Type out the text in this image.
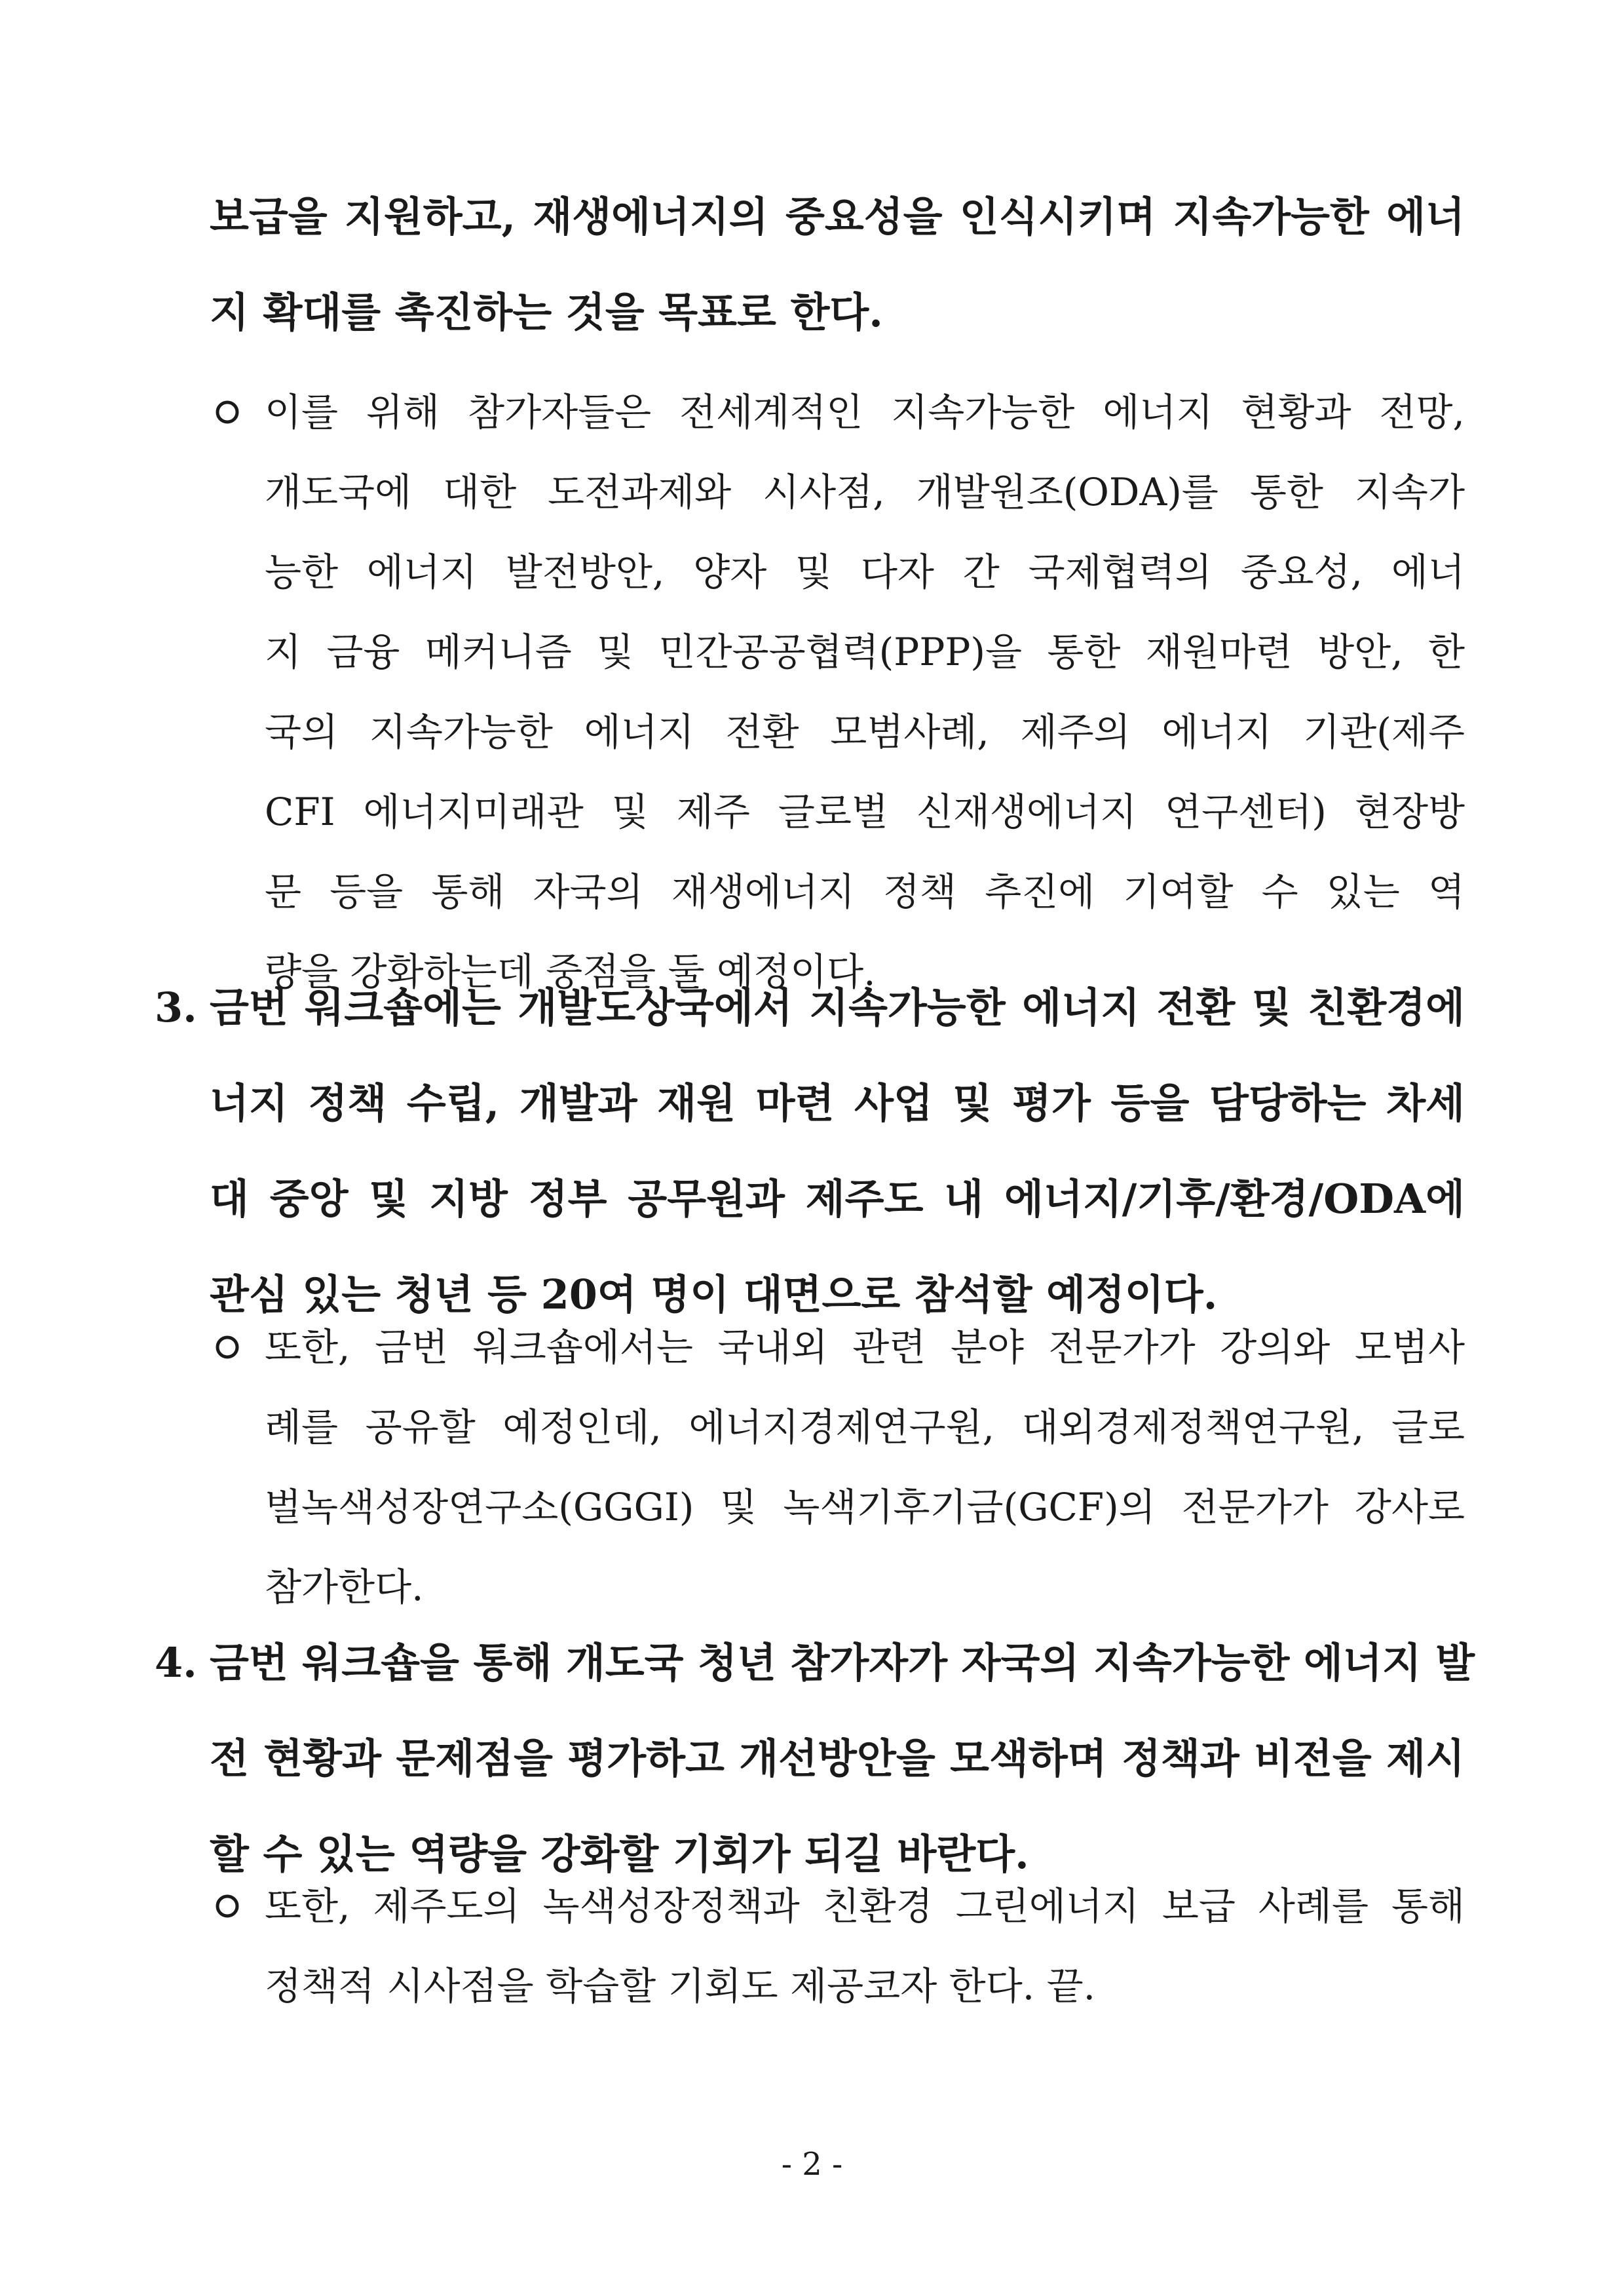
보급을 지원하고, 재생에너지의 중요성을 인식시키며 지속가능한 에너
지 확대를 촉진하는 것을 목표로 한다.
이를 위해 참가자들은 전세계적인 지속가능한 에너지 현황과 전망,
개도국에 대한 도전과제와 시사점, 개발원조(ODA)를 통한 지속가
능한 에너지 발전방안, 양자 및 다자 간 국제협력의 중요성, 에너
지 금융 메커니즘 및 민간공공협력(PPP)을 통한 재원마련 방안, 한
국의 지속가능한 에너지 전환 모범사례, 제주의 에너지 기관(제주
CFI 에너지미래관 및 제주 글로벌 신재생에너지 연구센터) 현장방
문 등을 통해 자국의 재생에너지 정책 추진에 기여할 수 있는 역
량을 강화하는데 중점을 둘 예정이다.
3. 금번 워크숍에는 개발도상국에서 지속가능한 에너지 전환 및 친환경에
너지 정책 수립, 개발과 재원 마련 사업 및 평가 등을 담당하는 차세
대 중앙 및 지방 정부 공무원과 제주도 내 에너지/기후/환경/ODA에
관심 있는 청년 등 20여 명이 대면으로 참석할 예정이다.
또한, 금번 워크숍에서는 국내외 관련 분야 전문가가 강의와 모범사
례를 공유할 예정인데, 에너지경제연구원, 대외경제정책연구원, 글로
벌녹색성장연구소(GGGI) 및 녹색기후기금(GCF)의 전문가가 강사로
참가한다.
4. 금번 워크숍을 통해 개도국 청년 참가자가 자국의 지속가능한 에너지 발
전 현황과 문제점을 평가하고 개선방안을 모색하며 정책과 비전을 제시
할 수 있는 역량을 강화할 기회가 되길 바란다.
또한, 제주도의 녹색성장정책과 친환경 그린에너지 보급 사례를 통해
정책적 시사점을 학습할 기회도 제공코자 한다. 끝.
- 2 -
